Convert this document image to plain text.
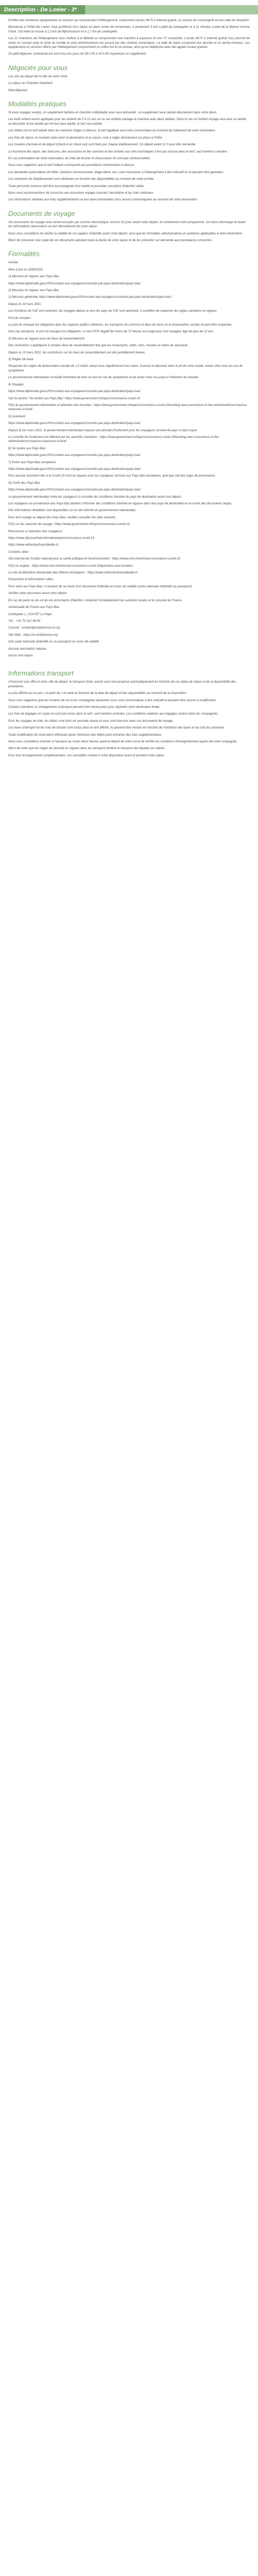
Description - De Loeier - 3*

Profitez des nombreux équipements et services qui caractérisent l'hébergement, notamment l'accès Wi-Fi à Internet gratuit, un service de conciergerie et une salle de réception.

Bienvenue à l'Hôtel De Loeier, vous profiterez d'un séjour en plein centre de Amsterdam, à seulement 3 min à pied de Leidseplein et à 11 minutes à pied de la Maison d'Anne Frank. Cet hôtel se trouve à 1,3 km de Rijksmuseum et à 1,7 km de Leidseplein.

Les 21 chambres de l'hébergement vous invitent à la détente et comprennent une machine à expresso et une TV connectée. L'accès Wi-Fi à Internet gratuit vous permet de rester en contact avec le reste du monde et votre divertissement est assuré par des chaînes numériques. La salle de bains comprend une douche et un sèche-cheveux. Les équipements et services offerts par l'hébergement comprennent un coffre-fort et un bureau, ainsi qu'un téléphone avec des appels locaux gratuits.

Un petit-déjeuner continental est servi tous les jours de 08 h 00 à 10 h 00 moyennant un supplément.

Négociés pour vous

Les vins au départ de la ville de votre choix

Le séjour en Chambre Standard

Petit-déjeuner

Modalités pratiques

Si vous voyagez seul(e), un supplément tarifaire en chambre individuelle vous sera demandé ; ce supplément sera calculé directement dans votre devis.

Les tarifs enfant seront appliqués pour les enfants de 2 à 12 ans se ou ses enfants partage la chambre avec deux adultes. Dans le cas où l'enfant voyage seul avec un adulte ou fait partie d'une famille qui ont leur plus adulte, le tarif sera adulte.

Les hôtels ont un tarif adulte dans les tranches d'âges ci-dessus, le tarif appliqué sera celui communiqué au moment du traitement de votre réservation.

Les frais de séjour, le montant varie selon la destination et la saison, sont à régler directement sur place à l'hôtel.

Les horaires d'arrivée et de départ (check-in et check-out) sont fixés par chaque établissement. Un départ avant 12 h peut être demandé.

La fourniture des repas, des boissons, des excursions et des services et des entrées aux sites touristiques n'est pas incluse dans le tarif, sauf mention contraire.

En cas d'annulation de votre réservation, les frais de dossier et d'assurance ne sont pas remboursables.

Nous vous rappelons que le tarif indiqué correspond aux prestations mentionnées ci-dessus.

Les demandes particulières (lit bébé, chambre communicante, étage élevé, etc.) sont transmises à l'hébergement à titre indicatif et ne peuvent être garanties.

Les chambres de l'établissement sont attribuées en fonction des disponibilités au moment de votre arrivée.

Toute personne mineure doit être accompagnée d'un adulte et posséder une pièce d'identité valide.

Nous vous recommandons de souscrire une assurance voyage couvrant l'annulation et les frais médicaux.

Les informations relatives aux frais supplémentaires et aux taxes éventuelles vous seront communiquées au moment de votre réservation.

Documents de voyage

Vos documents de voyage vous seront envoyés par courrier électronique, environ 10 jours avant votre départ. Ils contiennent votre programme, vos bons d'échange et toutes les informations nécessaires au bon déroulement de votre séjour.

Nous vous conseillons de vérifier la validité de vos papiers d'identité avant votre départ, ainsi que les formalités administratives et sanitaires applicables à votre destination.

Merci de conserver une copie de vos documents pendant toute la durée de votre séjour et de les présenter sur demande aux prestataires concernés.

Formalités

Arrivée

Mise à jour le 19/06/2021

1) Mesures en vigueur aux Pays-Bas

https://www.diplomatie.gouv.fr/fr/conseils-aux-voyageurs/conseils-par-pays-destination/pays-bas/

2) Mesures en vigueur aux Pays-Bas

1) Mesures générales https://www.diplomatie.gouv.fr/fr/conseils-aux-voyageurs/conseils-par-pays-destination/pays-bas/

Depuis le 23 mars 2021 :

Les frontières de l'UE sont ouvertes, les voyages depuis et vers les pays de l'UE sont autorisés, à condition de respecter les règles sanitaires en vigueur.

Port du masque :

Le port du masque est obligatoire dans les espaces publics intérieurs, les transports en commun et dans les lieux où la distanciation sociale ne peut être respectée.

Dans les aéroports, le port du masque est obligatoire. Le test PCR négatif de moins de 72 heures est exigé pour tout voyageur âgé de plus de 12 ans.

2) Mesures en vigueur pour les lieux de rassemblement

Des restrictions s'appliquent à certains lieux de rassemblement tels que les restaurants, cafés, bars, musées et salles de spectacle.

Depuis le 13 mars 2021, les restrictions sur les lieux de rassemblement ont été partiellement levées.

3) Règles de base

Respectez les règles de distanciation sociale de 1,5 mètre, lavez-vous régulièrement les mains, toussez et éternuez dans le pli de votre coude, restez chez vous en cas de symptômes.

Le gouvernement néerlandais conseille fortement de faire un test en cas de symptômes et de rester chez soi jusqu'à l'obtention du résultat.

4) Voyages

https://www.diplomatie.gouv.fr/fr/conseils-aux-voyageurs/conseils-par-pays-destination/pays-bas/

Voir la section "Se rendre aux Pays-Bas" https://www.government.nl/topics/coronavirus-covid-19

FAQ du gouvernement néerlandais à l'attention des touristes : https://www.government.nl/topics/coronavirus-covid-19/tackling-new-coronavirus-in-the-netherlands/coronavirus-measures-in-brief

5) Isolement

https://www.diplomatie.gouv.fr/fr/conseils-aux-voyageurs/conseils-par-pays-destination/pays-bas/

Depuis le 1er mars 2021, le gouvernement néerlandais impose une période d'isolement pour les voyageurs arrivant de pays à haut risque.

Le contrôle de l'isolement est effectué par les autorités sanitaires : https://www.government.nl/topics/coronavirus-covid-19/tackling-new-coronavirus-in-the-netherlands/coronavirus-measures-in-brief

6) Se rendre aux Pays-Bas

https://www.diplomatie.gouv.fr/fr/conseils-aux-voyageurs/conseils-par-pays-destination/pays-bas/

7) Entrer aux Pays-Bas européens

https://www.diplomatie.gouv.fr/fr/conseils-aux-voyageurs/conseils-par-pays-destination/pays-bas/

Plus aucune restriction liée à la Covid-19 n'est en vigueur pour les voyageurs arrivant aux Pays-Bas européens, quel que soit leur pays de provenance.

III) Sortir des Pays-Bas

https://www.diplomatie.gouv.fr/fr/conseils-aux-voyageurs/conseils-par-pays-destination/pays-bas/

Le gouvernement néerlandais invite les voyageurs à consulter les conditions d'entrée du pays de destination avant tout départ.

Les voyageurs en provenance des Pays-Bas doivent s'informer des conditions d'entrée en vigueur dans leur pays de destination et se munir des documents requis.

Des informations détaillées sont disponibles sur le site internet du gouvernement néerlandais.

Pour tout voyage au départ des Pays-Bas, veuillez consulter les sites suivants :

FAQ sur les mesures de voyage : https://www.government.nl/topics/coronavirus-covid-19

Ressources à l'attention des voyageurs :

https://www.rijksoverheid.nl/onderwerpen/coronavirus-covid-19

https://www.netherlandsworldwide.nl

Contacts utiles

Site internet de l'Institut national pour la santé publique et l'environnement : https://www.rivm.nl/en/novel-coronavirus-covid-19

FAQ en anglais : https://www.rivm.nl/en/novel-coronavirus-covid-19/questions-and-answers

Le site du Ministère néerlandais des Affaires étrangères : https://www.netherlandsworldwide.nl

Documents et informations utiles

Pour venir aux Pays-Bas, il convient de se munir d'un document d'identité en cours de validité (carte nationale d'identité ou passeport).

Vérifiez votre document avant votre départ.

En cas de perte ou de vol de vos documents d'identité, contactez immédiatement les autorités locales et le consulat de France.

Ambassade de France aux Pays-Bas

Smidsplein 1, 2514 BT La Haye

Tél. : +31 70 312 58 00

Courriel : contact@ambafrance-nl.org

Site Web : https://nl.ambafrance.org

Une carte nationale d'identité ou un passeport en cours de validité.

Aucune vaccination requise.

Aucun visa requis.

Informations transport

Choisissez une offre et votre ville de départ, le transport (train, avion) vous sera proposé automatiquement en fonction de vos dates de séjour et de la disponibilité des prestations.

Le prix affiché est un prix « à partir de » et varie en fonction de la date de départ et des disponibilités au moment de la réservation.

Nous vous rappelons que les horaires de vol et les compagnies aériennes vous sont communiqués à titre indicatif et peuvent être soumis à modification.

Certains transferts ou changements d'aéroport peuvent être nécessaires pour rejoindre votre destination finale.

Les frais de bagages en soute ne sont pas inclus dans le tarif, sauf mention contraire. Les conditions relatives aux bagages varient selon les compagnies.

Pour les voyages en train, les billets sont émis en seconde classe et vous sont transmis avec vos documents de voyage.

Les taxes d'aéroport et les frais de dossier sont inclus dans le tarif affiché, ils peuvent être révisés en fonction de l'évolution des taxes et du coût du carburant.

Toute modification de réservation effectuée après l'émission des billets peut entraîner des frais supplémentaires.

Nous vous conseillons d'arriver à l'aéroport au moins deux heures avant le départ de votre vol et de vérifier les conditions d'enregistrement auprès de votre compagnie.

Merci de noter que les règles de sécurité en vigueur dans les aéroports limitent le transport des liquides en cabine.

Pour tout renseignement complémentaire, nos conseillers restent à votre disposition avant et pendant votre séjour.
